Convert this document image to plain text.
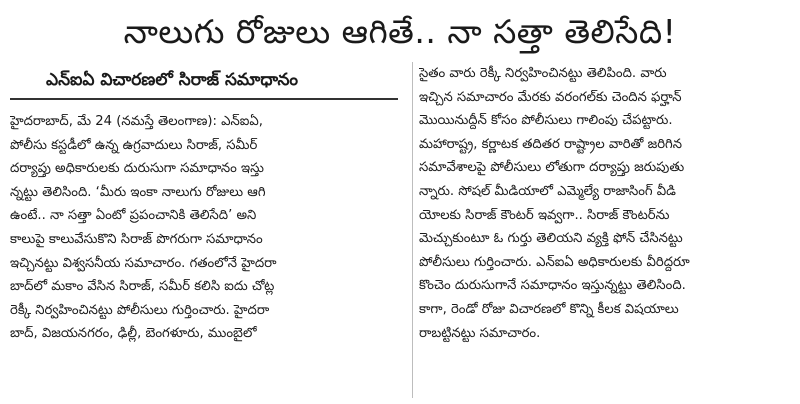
నాలుగు రోజులు ఆగితే.. నా సత్తా తెలిసేది!
ఎన్ఐఏ విచారణలో సిరాజ్ సమాధానం

హైదరాబాద్, మే 24 (నమస్తే తెలంగాణ): ఎన్ఐఏ,

పోలీసు కస్టడీలో ఉన్న ఉగ్రవాదులు సిరాజ్, సమీర్

దర్యాప్తు అధికారులకు దురుసుగా సమాధానం ఇస్తు

న్నట్టు తెలిసింది. ‘మీరు ఇంకా నాలుగు రోజులు ఆగి

ఉంటే.. నా సత్తా ఏంటో ప్రపంచానికి తెలిసేది’ అని

కాలుపై కాలువేసుకొని సిరాజ్ పొగరుగా సమాధానం

ఇచ్చినట్టు విశ్వసనీయ సమాచారం. గతంలోనే హైదరా

బాద్‌లో మకాం వేసిన సిరాజ్, సమీర్ కలిసి ఐదు చోట్ల

రెక్కీ నిర్వహించినట్టు పోలీసులు గుర్తించారు. హైదరా

బాద్, విజయనగరం, ఢిల్లీ, బెంగళూరు, ముంబైలో

సైతం వారు రెక్కీ నిర్వహించినట్టు తెలిపింది. వారు

ఇచ్చిన సమాచారం మేరకు వరంగల్‌కు చెందిన ఫర్హాన్

మొయినుద్దీన్ కోసం పోలీసులు గాలింపు చేపట్టారు.

మహారాష్ట్ర, కర్ణాటక తదితర రాష్ట్రాల వారితో జరిగిన

సమావేశాలపై పోలీసులు లోతుగా దర్యాప్తు జరుపుతు

న్నారు. సోషల్ మీడియాలో ఎమ్మెల్యే రాజాసింగ్ వీడి

యోలకు సిరాజ్ కౌంటర్ ఇవ్వగా.. సిరాజ్ కౌంటర్‌ను

మెచ్చుకుంటూ ఓ గుర్తు తెలియని వ్యక్తి ఫోన్ చేసినట్టు

పోలీసులు గుర్తించారు. ఎన్ఐఏ అధికారులకు వీరిద్దరూ

కొంచెం దురుసుగానే సమాధానం ఇస్తున్నట్టు తెలిసింది.

కాగా, రెండో రోజు విచారణలో కొన్ని కీలక విషయాలు

రాబట్టినట్టు సమాచారం.
